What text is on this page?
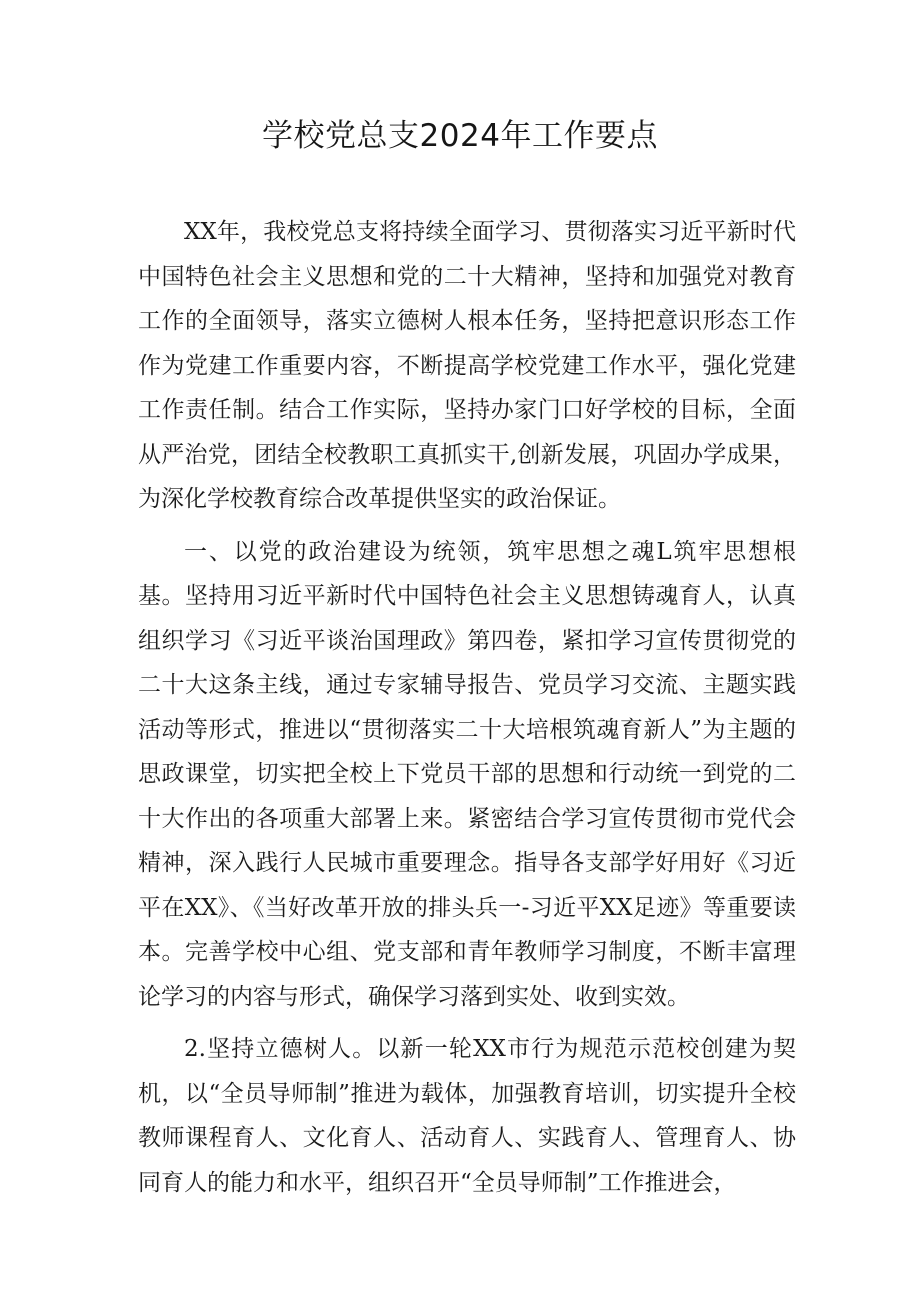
学校党总支2024年工作要点

XX年，我校党总支将持续全面学习、贯彻落实习近平新时代中国特色社会主义思想和党的二十大精神，坚持和加强党对教育工作的全面领导，落实立德树人根本任务，坚持把意识形态工作作为党建工作重要内容，不断提高学校党建工作水平，强化党建工作责任制。结合工作实际，坚持办家门口好学校的目标，全面从严治党，团结全校教职工真抓实干,创新发展，巩固办学成果，为深化学校教育综合改革提供坚实的政治保证。

一、以党的政治建设为统领，筑牢思想之魂L筑牢思想根基。坚持用习近平新时代中国特色社会主义思想铸魂育人，认真组织学习《习近平谈治国理政》第四卷，紧扣学习宣传贯彻党的二十大这条主线，通过专家辅导报告、党员学习交流、主题实践活动等形式，推进以“贯彻落实二十大培根筑魂育新人”为主题的思政课堂，切实把全校上下党员干部的思想和行动统一到党的二十大作出的各项重大部署上来。紧密结合学习宣传贯彻市党代会精神，深入践行人民城市重要理念。指导各支部学好用好《习近平在XX》、《当好改革开放的排头兵一-习近平XX足迹》等重要读本。完善学校中心组、党支部和青年教师学习制度，不断丰富理论学习的内容与形式，确保学习落到实处、收到实效。

2.坚持立德树人。以新一轮XX市行为规范示范校创建为契机，以“全员导师制”推进为载体，加强教育培训，切实提升全校教师课程育人、文化育人、活动育人、实践育人、管理育人、协同育人的能力和水平，组织召开“全员导师制”工作推进会，
